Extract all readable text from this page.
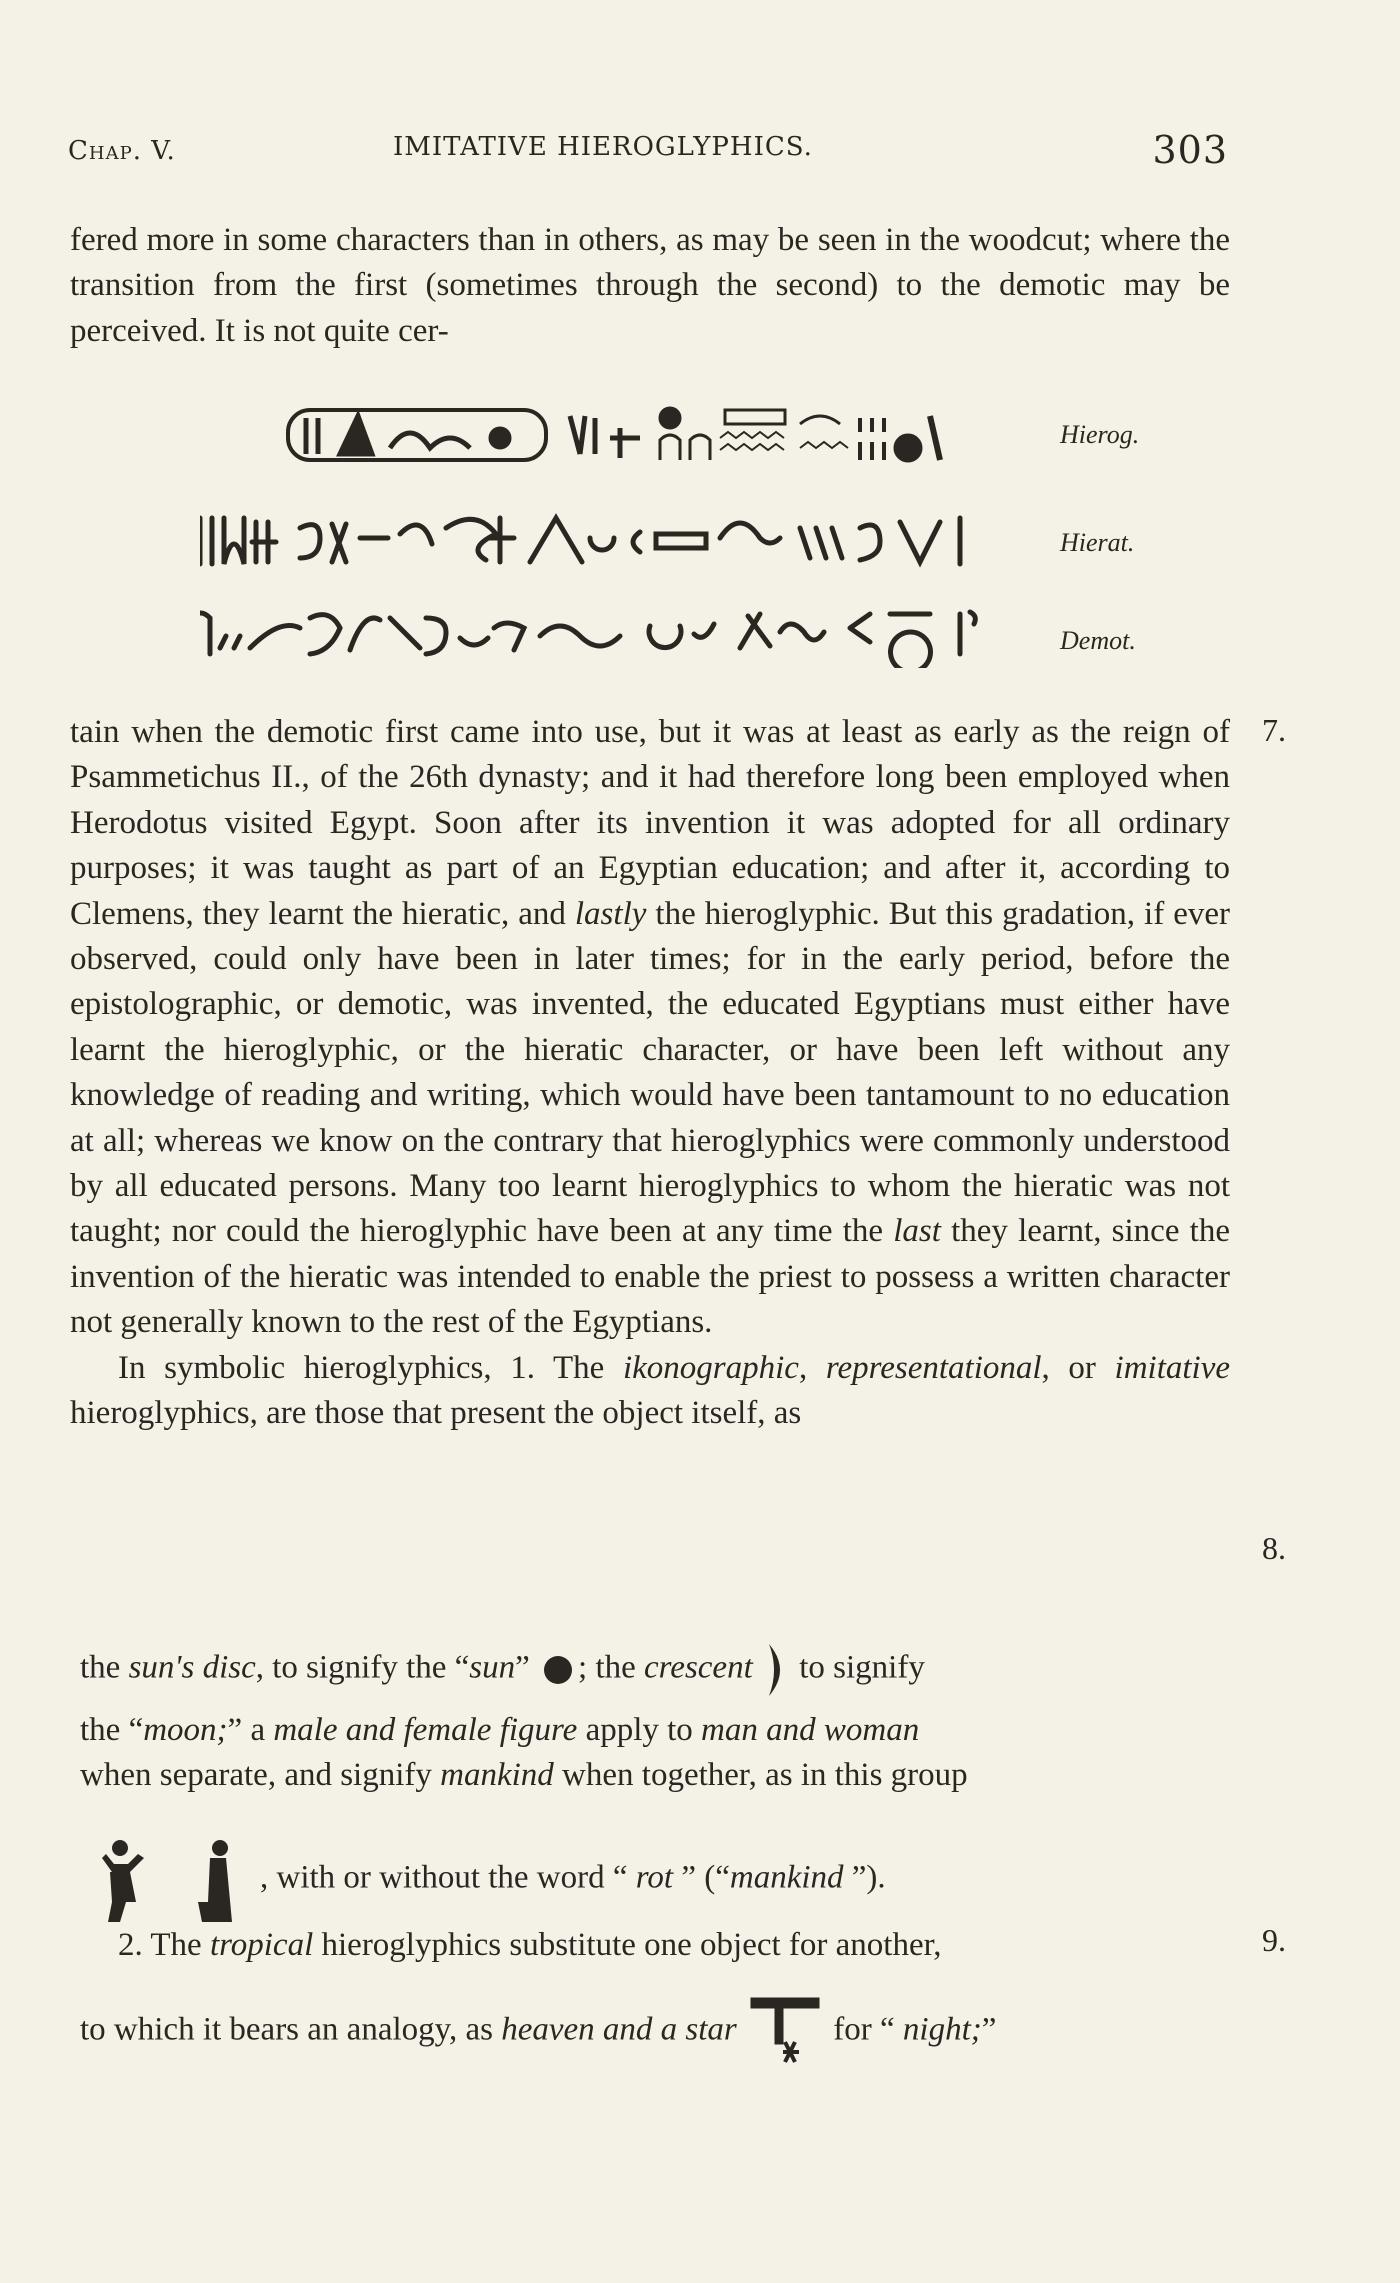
Chap. V.	IMITATIVE HIEROGLYPHICS.	303

fered more in some characters than in others, as may be seen in the woodcut; where the transition from the first (sometimes through the second) to the demotic may be perceived. It is not quite cer-

Hierog.
Hierat.
Demot.

tain when the demotic first came into use, but it was at least as early as the reign of Psammetichus II., of the 26th dynasty; and it had therefore long been employed when Herodotus visited Egypt. Soon after its invention it was adopted for all ordinary purposes; it was taught as part of an Egyptian education; and after it, according to Clemens, they learnt the hieratic, and lastly the hieroglyphic. But this gradation, if ever observed, could only have been in later times; for in the early period, before the epistolographic, or demotic, was invented, the educated Egyptians must either have learnt the hieroglyphic, or the hieratic character, or have been left without any knowledge of reading and writing, which would have been tantamount to no education at all; whereas we know on the contrary that hieroglyphics were commonly understood by all educated persons. Many too learnt hieroglyphics to whom the hieratic was not taught; nor could the hieroglyphic have been at any time the last they learnt, since the invention of the hieratic was intended to enable the priest to possess a written character not generally known to the rest of the Egyptians.

In symbolic hieroglyphics, 1. The ikonographic, representational, or imitative hieroglyphics, are those that present the object itself, as

7.
8.
9.
the sun's disc, to signify the “sun” ; the crescent  to signify
the “moon;” a male and female figure apply to man and woman
when separate, and signify mankind when together, as in this group
, with or without the word “ rot ” (“mankind ”).
2. The tropical hieroglyphics substitute one object for another,
to which it bears an analogy, as heaven and a star	for “ night;”
